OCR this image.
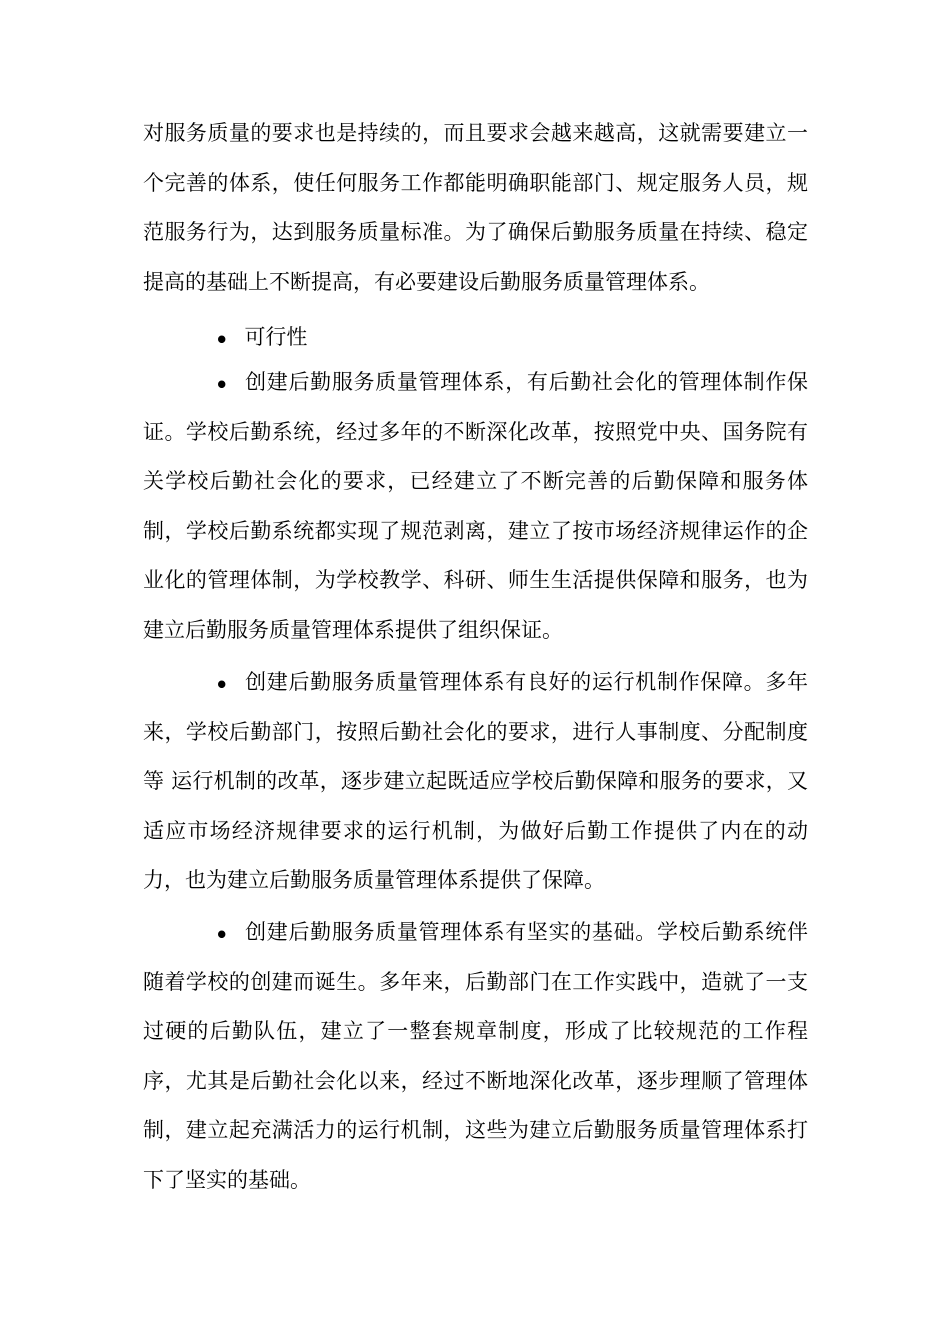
对服务质量的要求也是持续的，而且要求会越来越高，这就需要建立一个完善的体系，使任何服务工作都能明确职能部门、规定服务人员，规范服务行为，达到服务质量标准。为了确保后勤服务质量在持续、稳定提高的基础上不断提高，有必要建设后勤服务质量管理体系。

• 可行性

• 创建后勤服务质量管理体系，有后勤社会化的管理体制作保证。学校后勤系统，经过多年的不断深化改革，按照党中央、国务院有关学校后勤社会化的要求，已经建立了不断完善的后勤保障和服务体制，学校后勤系统都实现了规范剥离，建立了按市场经济规律运作的企业化的管理体制，为学校教学、科研、师生生活提供保障和服务，也为建立后勤服务质量管理体系提供了组织保证。

• 创建后勤服务质量管理体系有良好的运行机制作保障。多年来，学校后勤部门，按照后勤社会化的要求，进行人事制度、分配制度等 运行机制的改革，逐步建立起既适应学校后勤保障和服务的要求，又适应市场经济规律要求的运行机制，为做好后勤工作提供了内在的动力，也为建立后勤服务质量管理体系提供了保障。

• 创建后勤服务质量管理体系有坚实的基础。学校后勤系统伴随着学校的创建而诞生。多年来，后勤部门在工作实践中，造就了一支过硬的后勤队伍，建立了一整套规章制度，形成了比较规范的工作程序，尤其是后勤社会化以来，经过不断地深化改革，逐步理顺了管理体制，建立起充满活力的运行机制，这些为建立后勤服务质量管理体系打下了坚实的基础。
